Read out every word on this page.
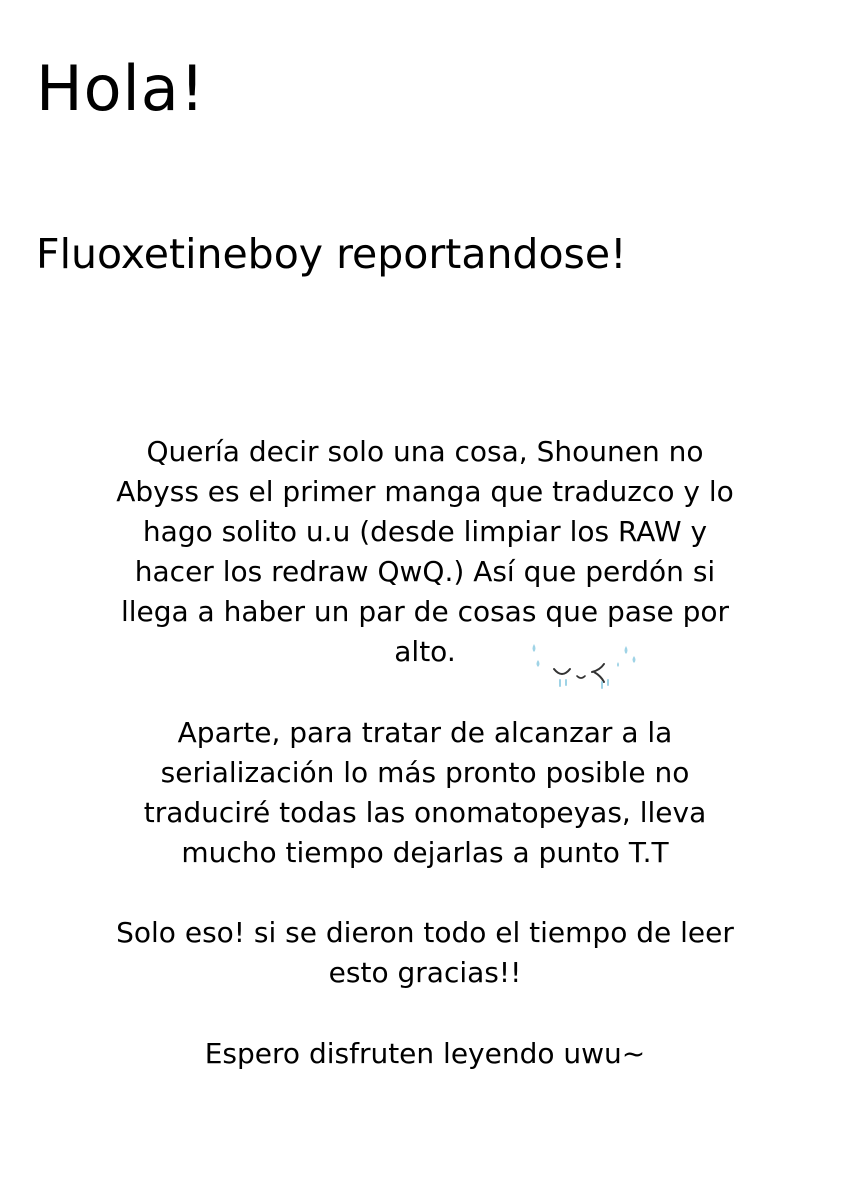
Hola!
Fluoxetineboy reportandose!

Quería decir solo una cosa, Shounen no
Abyss es el primer manga que traduzco y lo
hago solito u.u (desde limpiar los RAW y
hacer los redraw QwQ.) Así que perdón si
llega a haber un par de cosas que pase por
alto.

Aparte, para tratar de alcanzar a la
serialización lo más pronto posible no
traduciré todas las onomatopeyas, lleva
mucho tiempo dejarlas a punto T.T

Solo eso! si se dieron todo el tiempo de leer
esto gracias!!

Espero disfruten leyendo uwu~
